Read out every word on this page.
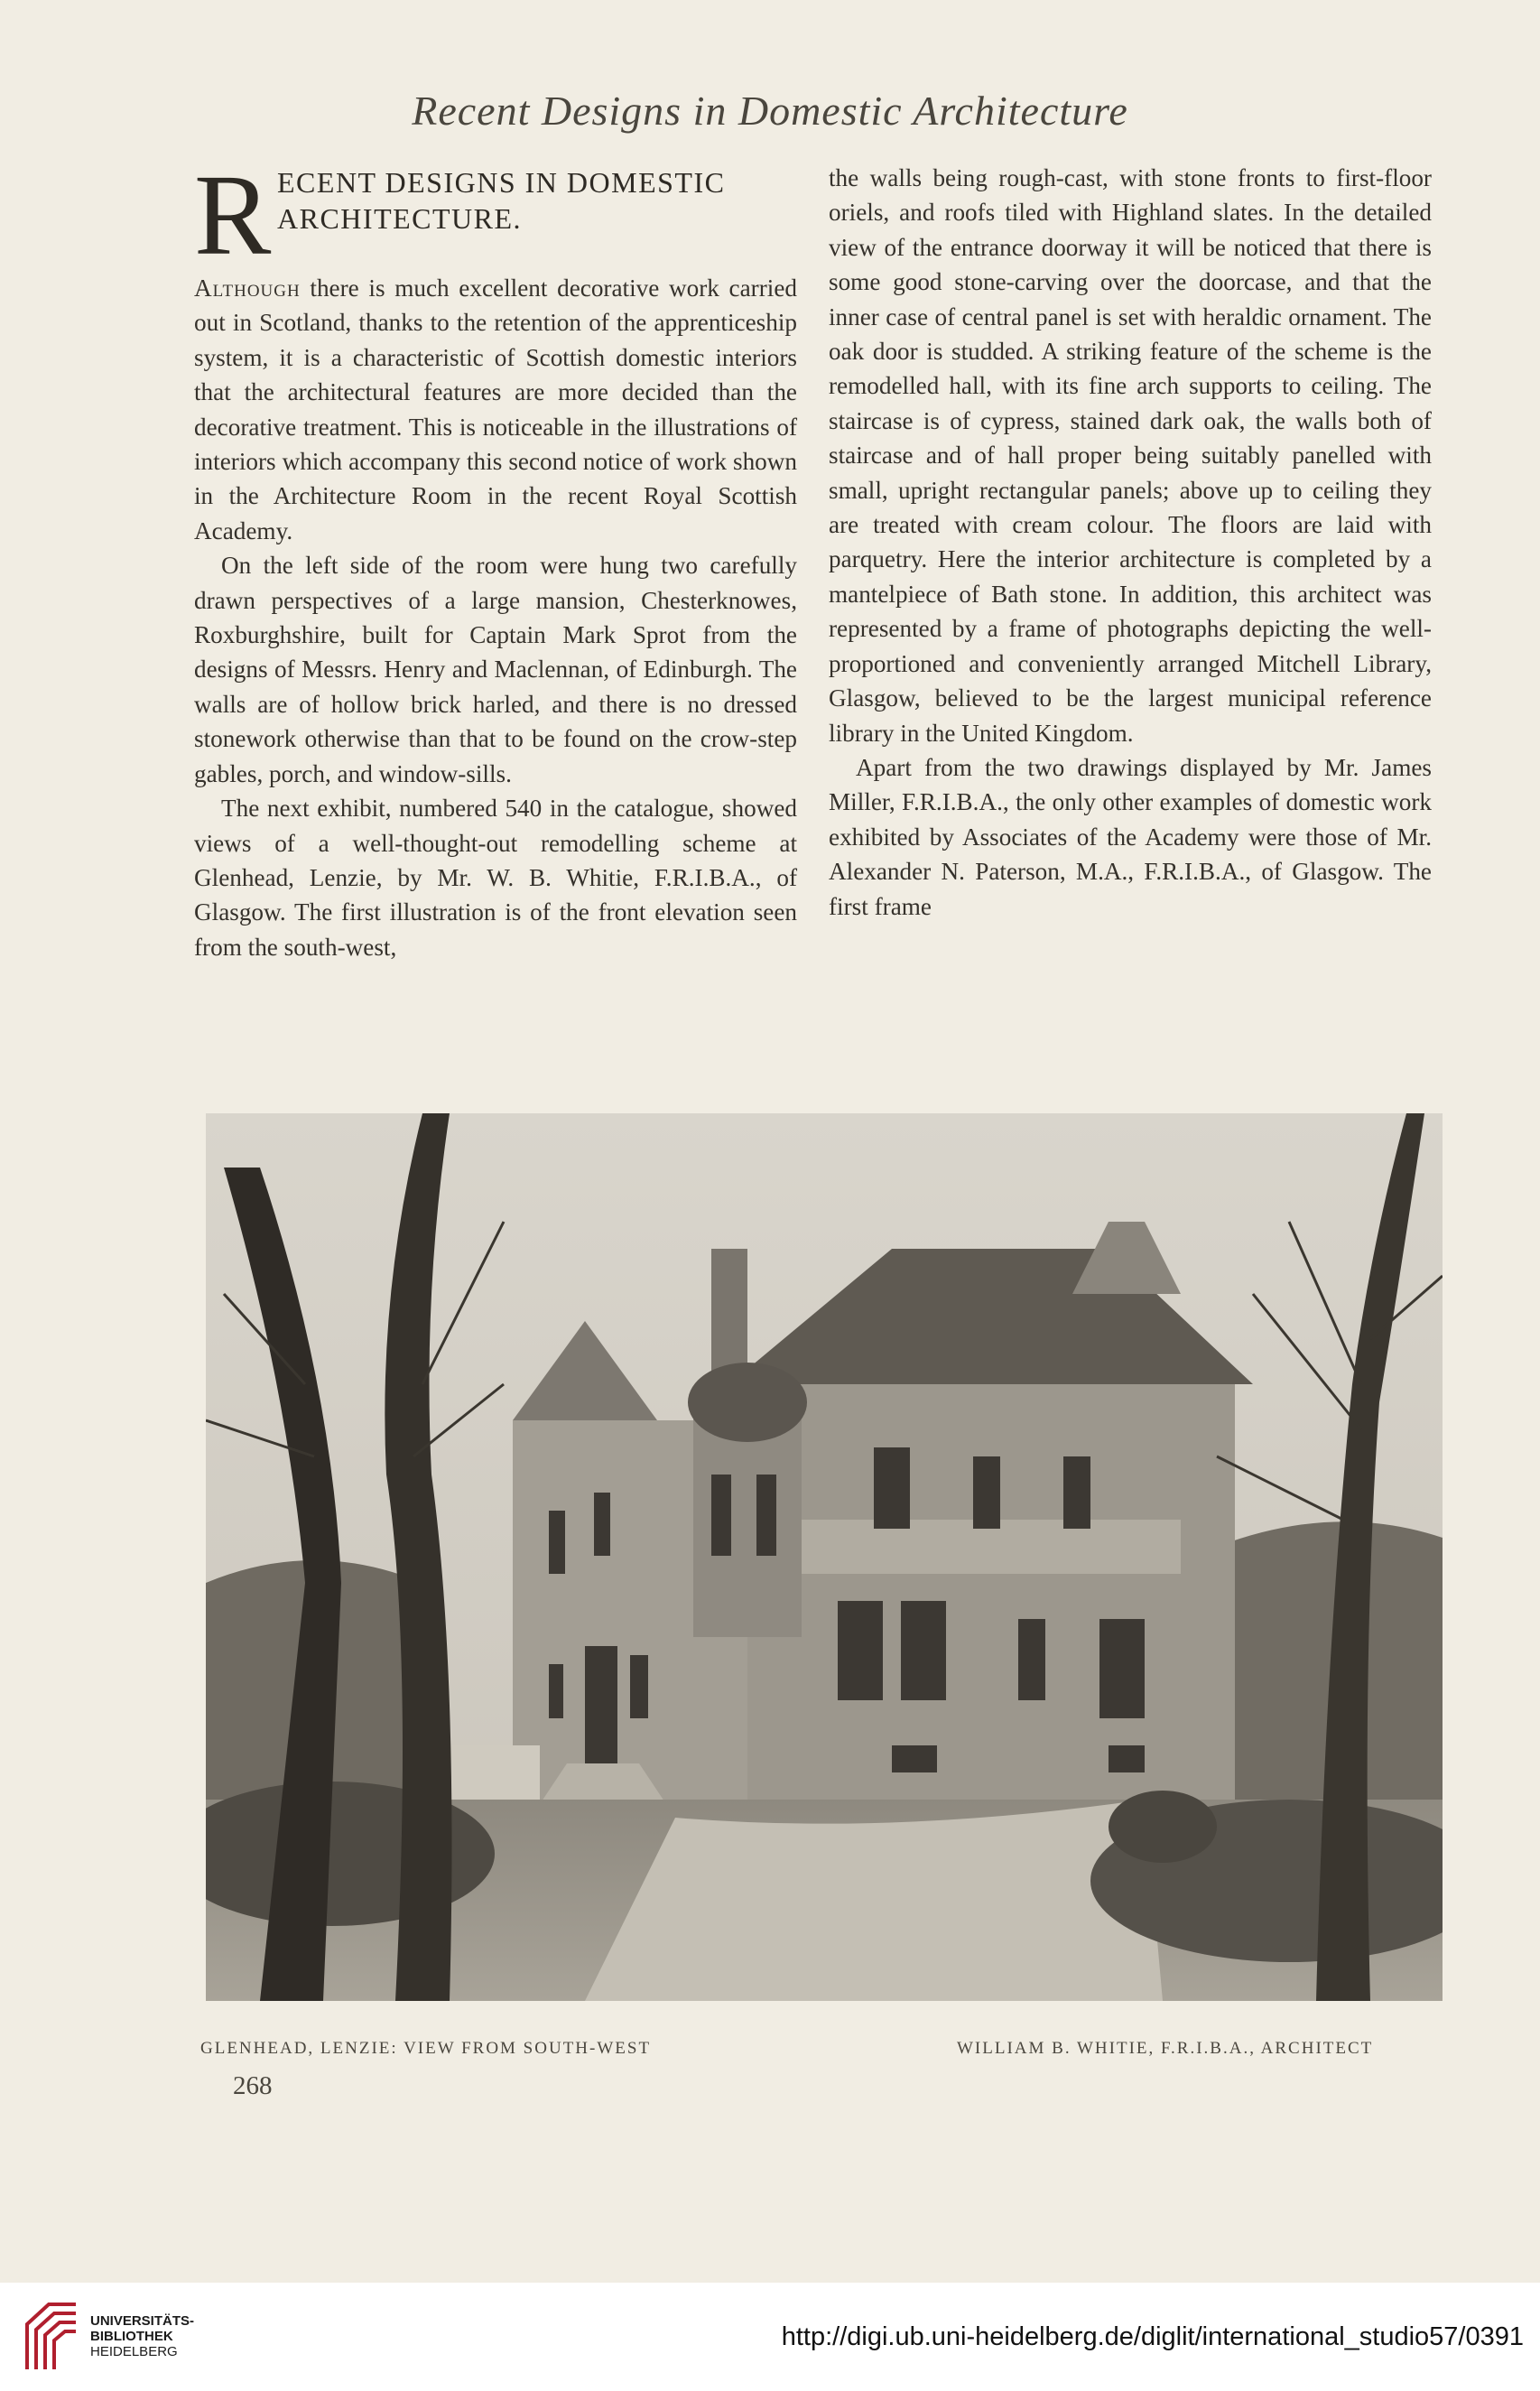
Recent Designs in Domestic Architecture
R ECENT DESIGNS IN DOMESTIC
ARCHITECTURE.

Although there is much excellent decorative work carried out in Scotland, thanks to the retention of the apprenticeship system, it is a characteristic of Scottish domestic interiors that the architectural features are more decided than the decorative treatment. This is noticeable in the illustrations of interiors which accompany this second notice of work shown in the Architecture Room in the recent Royal Scottish Academy.

On the left side of the room were hung two carefully drawn perspectives of a large mansion, Chesterknowes, Roxburghshire, built for Captain Mark Sprot from the designs of Messrs. Henry and Maclennan, of Edinburgh. The walls are of hollow brick harled, and there is no dressed stonework otherwise than that to be found on the crow-step gables, porch, and window-sills.

The next exhibit, numbered 540 in the catalogue, showed views of a well-thought-out remodelling scheme at Glenhead, Lenzie, by Mr. W. B. Whitie, F.R.I.B.A., of Glasgow. The first illustration is of the front elevation seen from the south-west,

the walls being rough-cast, with stone fronts to first-floor oriels, and roofs tiled with Highland slates. In the detailed view of the entrance doorway it will be noticed that there is some good stone-carving over the doorcase, and that the inner case of central panel is set with heraldic ornament. The oak door is studded. A striking feature of the scheme is the remodelled hall, with its fine arch supports to ceiling. The staircase is of cypress, stained dark oak, the walls both of staircase and of hall proper being suitably panelled with small, upright rectangular panels; above up to ceiling they are treated with cream colour. The floors are laid with parquetry. Here the interior architecture is completed by a mantelpiece of Bath stone. In addition, this architect was represented by a frame of photographs depicting the well-proportioned and conveniently arranged Mitchell Library, Glasgow, believed to be the largest municipal reference library in the United Kingdom.

Apart from the two drawings displayed by Mr. James Miller, F.R.I.B.A., the only other examples of domestic work exhibited by Associates of the Academy were those of Mr. Alexander N. Paterson, M.A., F.R.I.B.A., of Glasgow. The first frame

GLENHEAD, LENZIE: VIEW FROM SOUTH-WEST	WILLIAM B. WHITIE, F.R.I.B.A., ARCHITECT
268
UNIVERSITÄTS-
BIBLIOTHEK
HEIDELBERG
http://digi.ub.uni-heidelberg.de/diglit/international_studio57/0391
